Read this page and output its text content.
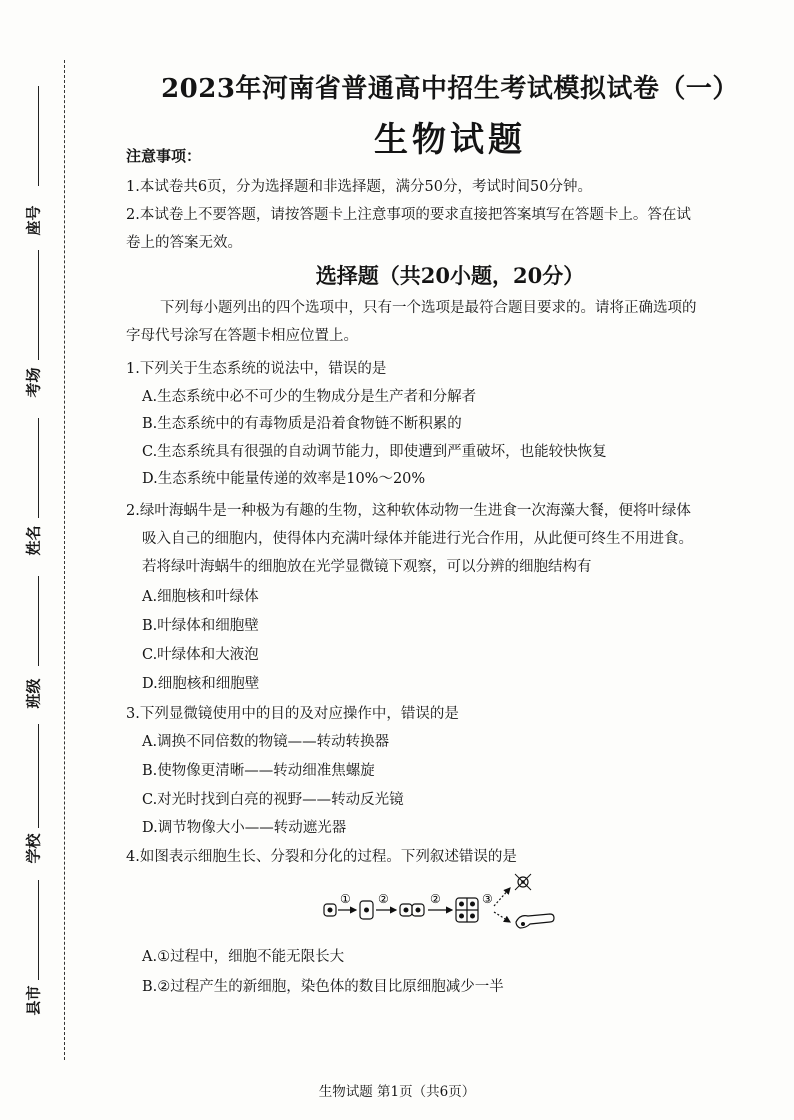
座号
考场
姓名
班级
学校
县市
2023年河南省普通高中招生考试模拟试卷（一）
生物试题
注意事项：
1.本试卷共6页，分为选择题和非选择题，满分50分，考试时间50分钟。
2.本试卷上不要答题，请按答题卡上注意事项的要求直接把答案填写在答题卡上。答在试
卷上的答案无效。
选择题（共20小题，20分）
下列每小题列出的四个选项中，只有一个选项是最符合题目要求的。请将正确选项的
字母代号涂写在答题卡相应位置上。
1.下列关于生态系统的说法中，错误的是
A.生态系统中必不可少的生物成分是生产者和分解者
B.生态系统中的有毒物质是沿着食物链不断积累的
C.生态系统具有很强的自动调节能力，即使遭到严重破坏，也能较快恢复
D.生态系统中能量传递的效率是10%～20%
2.绿叶海蜗牛是一种极为有趣的生物，这种软体动物一生进食一次海藻大餐，便将叶绿体
吸入自己的细胞内，使得体内充满叶绿体并能进行光合作用，从此便可终生不用进食。
若将绿叶海蜗牛的细胞放在光学显微镜下观察，可以分辨的细胞结构有
A.细胞核和叶绿体
B.叶绿体和细胞壁
C.叶绿体和大液泡
D.细胞核和细胞壁
3.下列显微镜使用中的目的及对应操作中，错误的是
A.调换不同倍数的物镜——转动转换器
B.使物像更清晰——转动细准焦螺旋
C.对光时找到白亮的视野——转动反光镜
D.调节物像大小——转动遮光器
4.如图表示细胞生长、分裂和分化的过程。下列叙述错误的是
① ②	②	③
A.①过程中，细胞不能无限长大
B.②过程产生的新细胞，染色体的数目比原细胞减少一半
生物试题 第1页（共6页）
